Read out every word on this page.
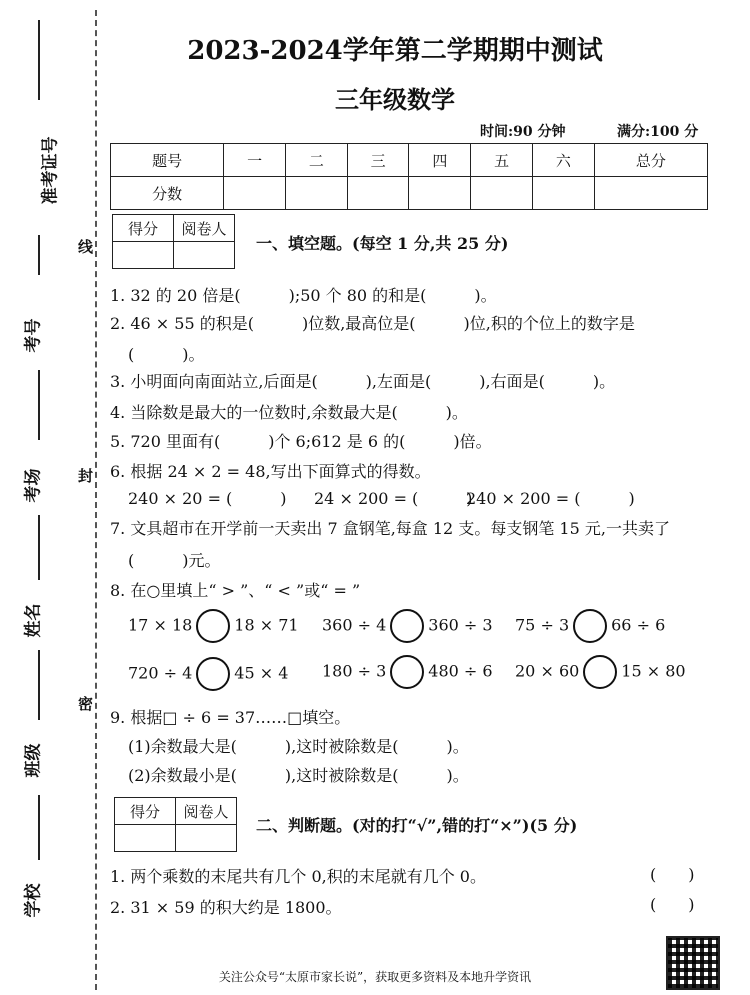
准考证号
考号
考场
姓名
班级
学校
线
封
密
2023-2024学年第二学期期中测试
三年级数学
时间:90 分钟	满分:100 分
题号	一	二	三	四	五	六	总分
分数							
得分	阅卷人

一、填空题。(每空 1 分,共 25 分)
1. 32 的 20 倍是(　　　);50 个 80 的和是(　　　)。
2. 46 × 55 的积是(　　　)位数,最高位是(　　　)位,积的个位上的数字是
(　　　)。
3. 小明面向南面站立,后面是(　　　),左面是(　　　),右面是(　　　)。
4. 当除数是最大的一位数时,余数最大是(　　　)。
5. 720 里面有(　　　)个 6;612 是 6 的(　　　)倍。
6. 根据 24 × 2 = 48,写出下面算式的得数。
240 × 20 = (　　　) 24 × 200 = (　　　)
240 × 200 = (　　　)
7. 文具超市在开学前一天卖出 7 盒钢笔,每盒 12 支。每支钢笔 15 元,一共卖了
(　　　)元。
8. 在○里填上“ > ”、“ < ”或“ = ”
17 × 18	18 × 71 360 ÷ 4	360 ÷ 3 75 ÷ 3	66 ÷ 6
720 ÷ 4	45 × 4 180 ÷ 3	480 ÷ 6 20 × 60	15 × 80
9. 根据□ ÷ 6 = 37……□填空。
(1)余数最大是(　　　),这时被除数是(　　　)。
(2)余数最小是(　　　),这时被除数是(　　　)。
得分	阅卷人

二、判断题。(对的打“√”,错的打“×”)(5 分)
1. 两个乘数的末尾共有几个 0,积的末尾就有几个 0。	(　　)
2. 31 × 59 的积大约是 1800。	(　　)
关注公众号“太原市家长说”，获取更多资料及本地升学资讯
